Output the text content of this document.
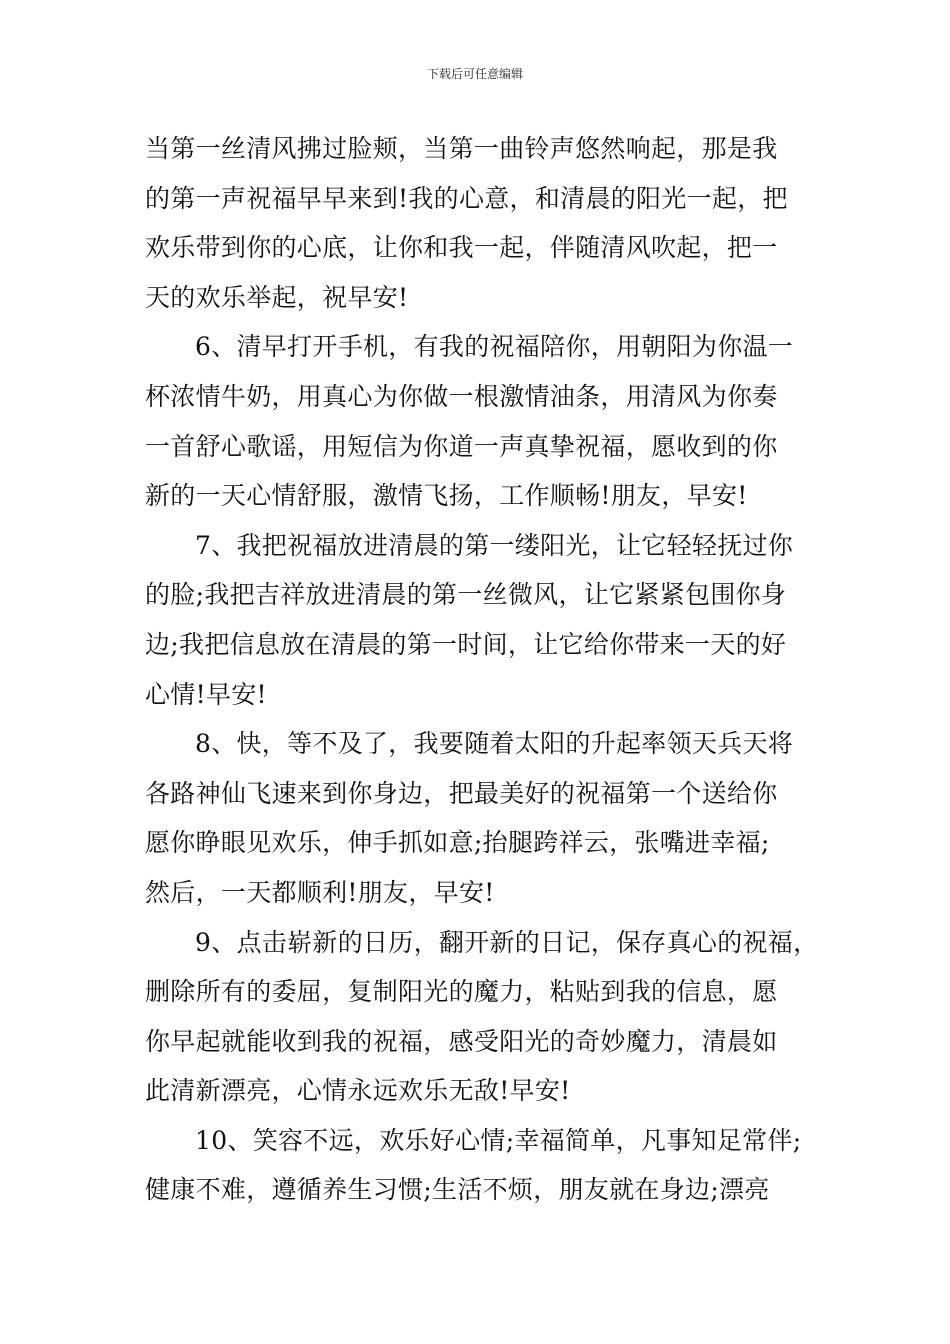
下载后可任意编辑
当第一丝清风拂过脸颊，当第一曲铃声悠然响起，那是我
的第一声祝福早早来到!我的心意，和清晨的阳光一起，把
欢乐带到你的心底，让你和我一起，伴随清风吹起，把一
天的欢乐举起，祝早安!
6、清早打开手机，有我的祝福陪你，用朝阳为你温一
杯浓情牛奶，用真心为你做一根激情油条，用清风为你奏
一首舒心歌谣，用短信为你道一声真挚祝福，愿收到的你
新的一天心情舒服，激情飞扬，工作顺畅!朋友，早安!
7、我把祝福放进清晨的第一缕阳光，让它轻轻抚过你
的脸;我把吉祥放进清晨的第一丝微风，让它紧紧包围你身
边;我把信息放在清晨的第一时间，让它给你带来一天的好
心情!早安!
8、快，等不及了，我要随着太阳的升起率领天兵天将
各路神仙飞速来到你身边，把最美好的祝福第一个送给你
愿你睁眼见欢乐，伸手抓如意;抬腿跨祥云，张嘴进幸福;
然后，一天都顺利!朋友，早安!
9、点击崭新的日历，翻开新的日记，保存真心的祝福，
删除所有的委屈，复制阳光的魔力，粘贴到我的信息，愿
你早起就能收到我的祝福，感受阳光的奇妙魔力，清晨如
此清新漂亮，心情永远欢乐无敌!早安!
10、笑容不远，欢乐好心情;幸福简单，凡事知足常伴;
健康不难，遵循养生习惯;生活不烦，朋友就在身边;漂亮
